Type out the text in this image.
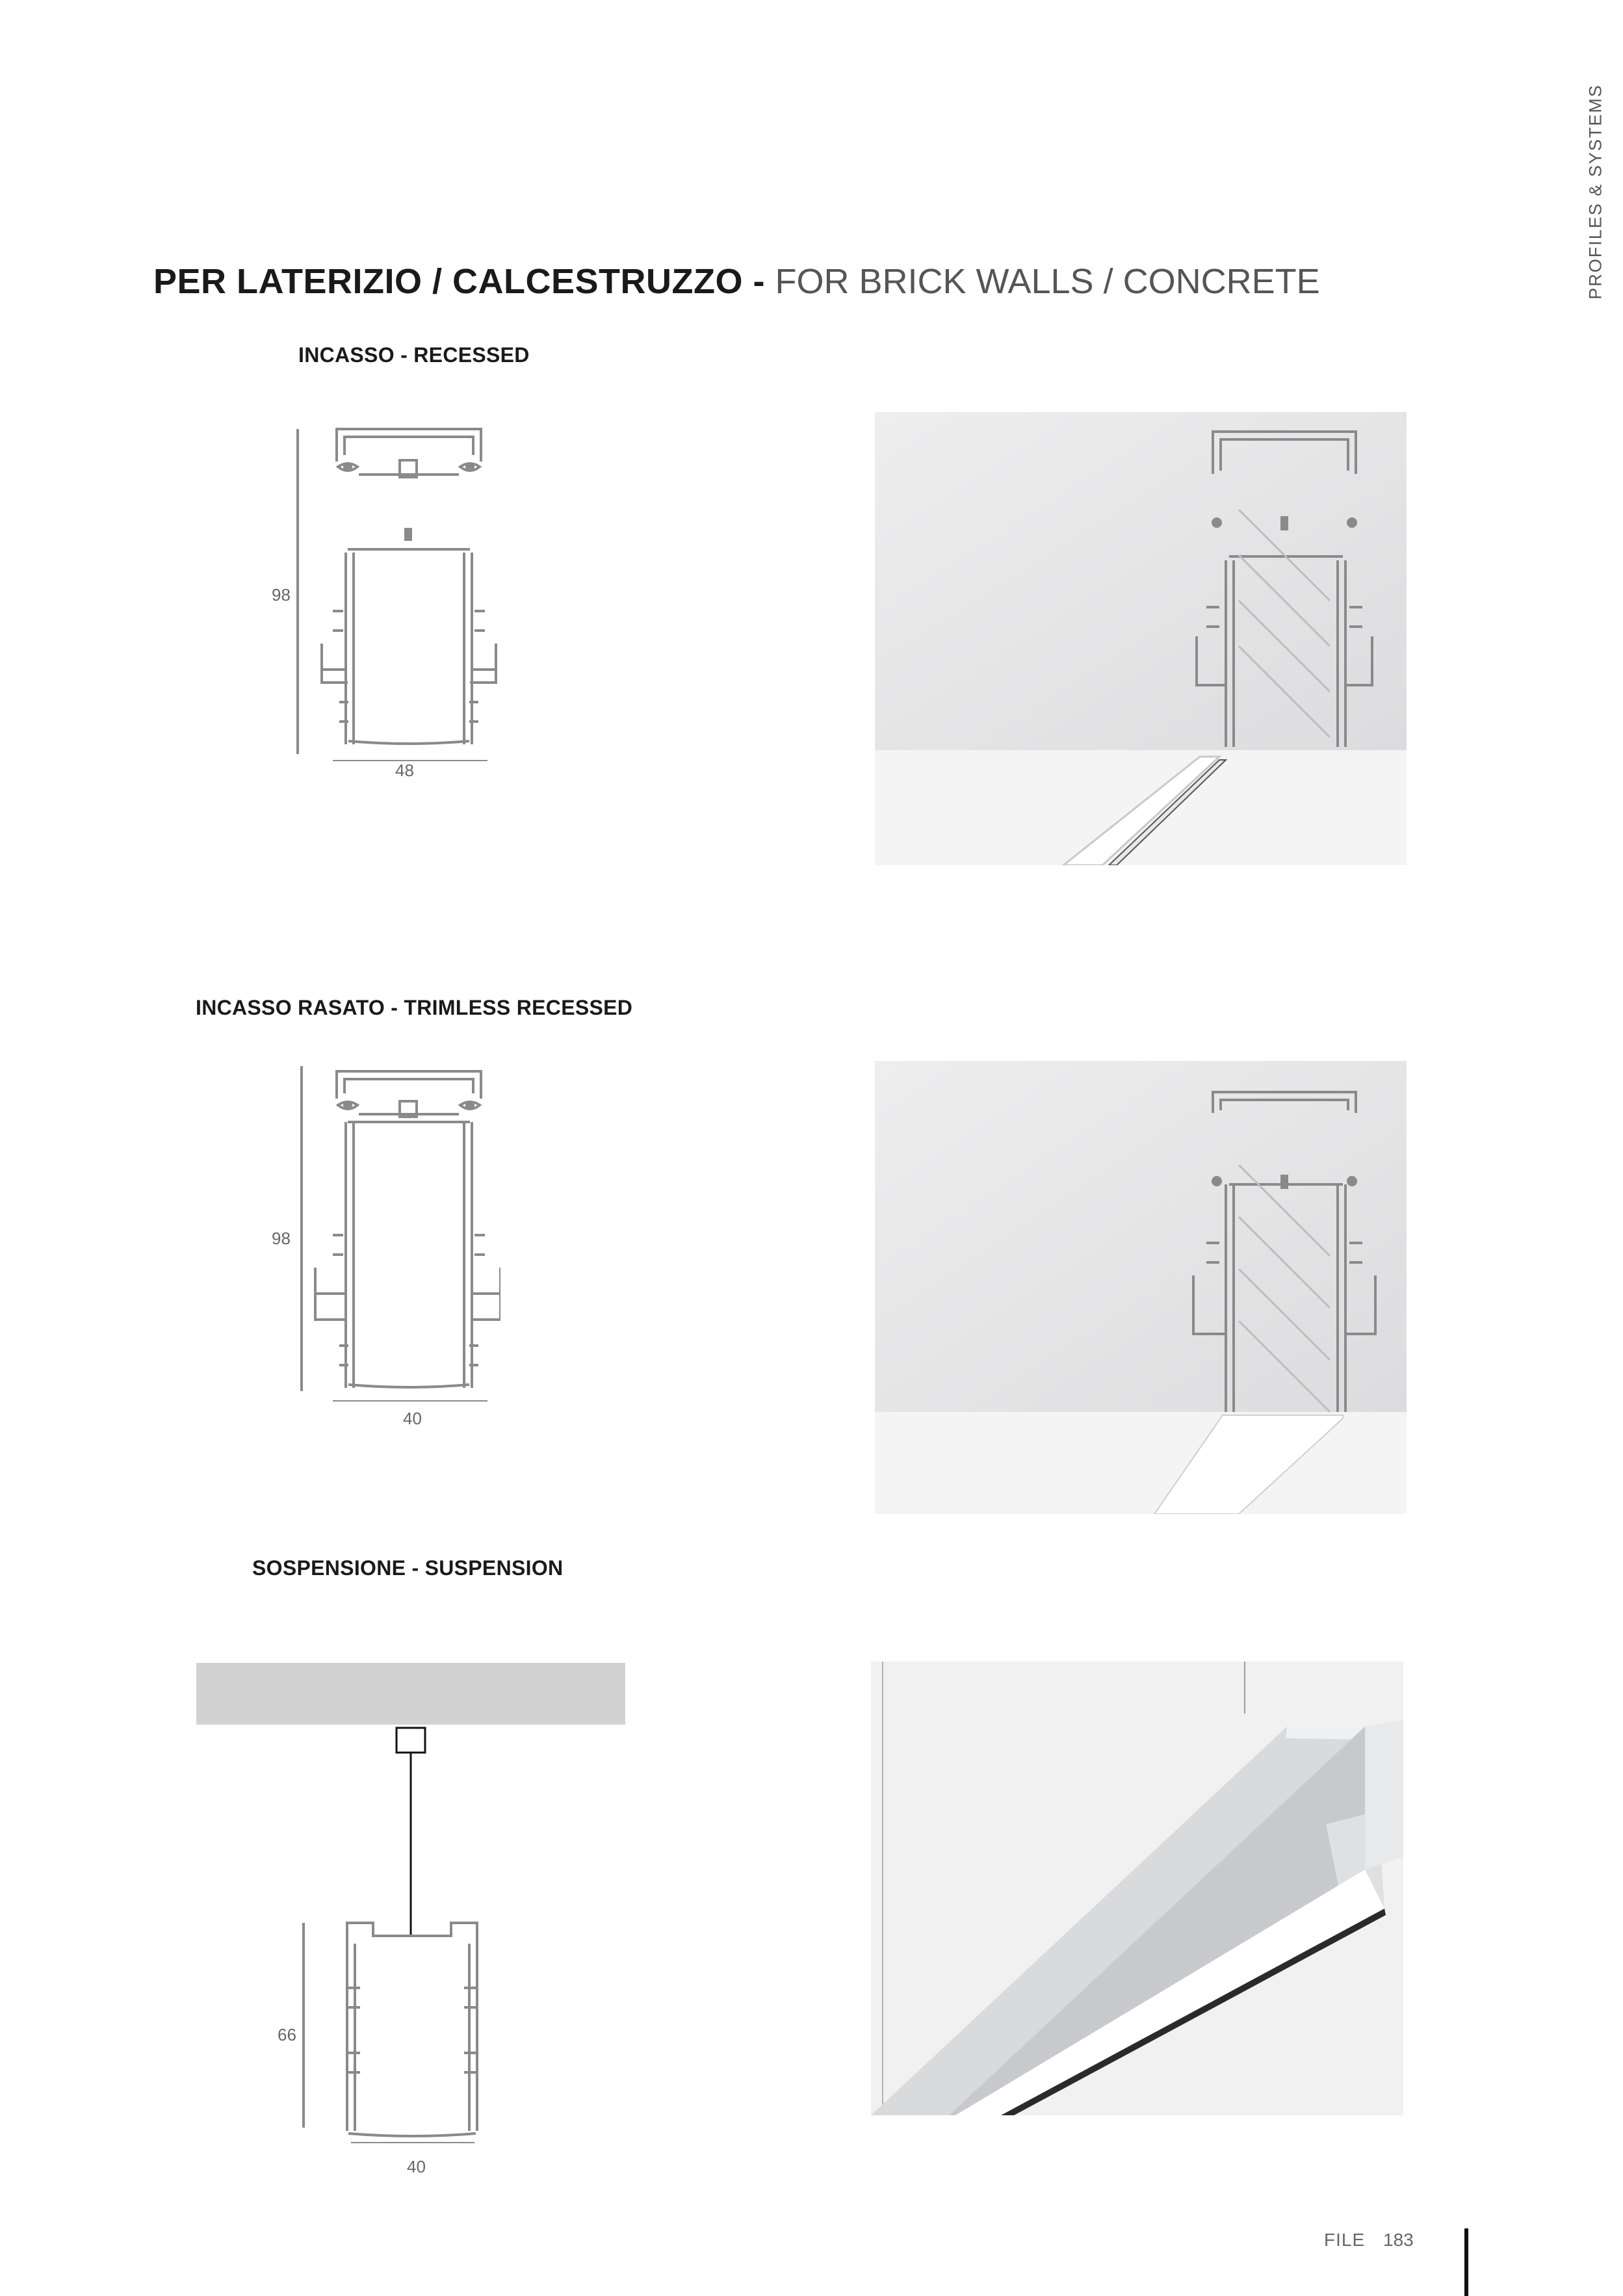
PROFILES & SYSTEMS
PER LATERIZIO / CALCESTRUZZO - FOR BRICK WALLS / CONCRETE
INCASSO - RECESSED
98
48
INCASSO RASATO - TRIMLESS RECESSED
98
40
SOSPENSIONE - SUSPENSION
66
40
FILE 183
